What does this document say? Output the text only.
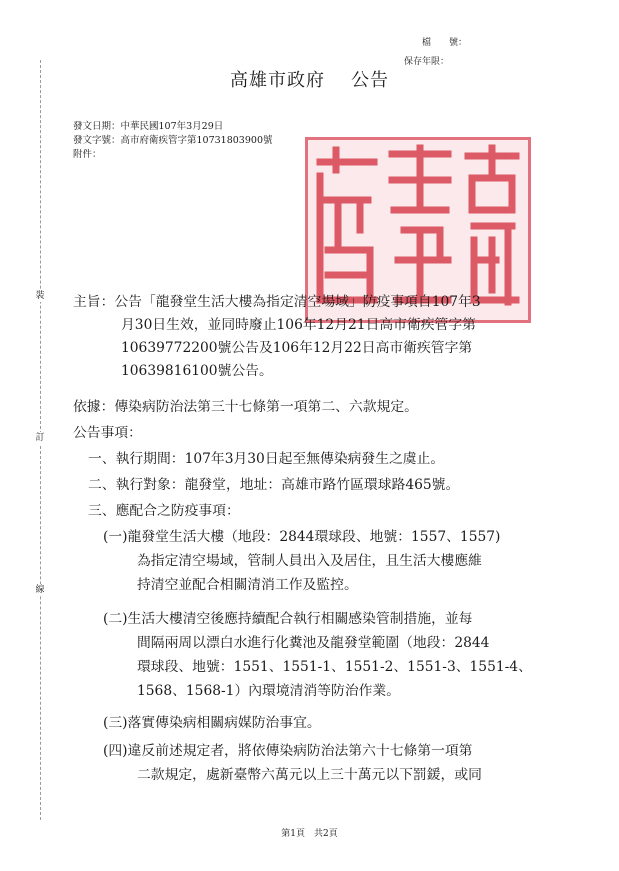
裝
訂
線
檔　　號：
保存年限：
高雄市政府 公告
發文日期：中華民國107年3月29日
發文字號：高市府衛疾管字第10731803900號
附件：
主旨：公告「龍發堂生活大樓為指定清空場域」防疫事項自107年3
月30日生效，並同時廢止106年12月21日高市衛疾管字第
10639772200號公告及106年12月22日高市衛疾管字第
10639816100號公告。
依據：傳染病防治法第三十七條第一項第二、六款規定。
公告事項：
一、執行期間：107年3月30日起至無傳染病發生之虞止。
二、執行對象：龍發堂，地址：高雄市路竹區環球路465號。
三、應配合之防疫事項：
(一)龍發堂生活大樓（地段：2844環球段、地號：1557、1557)
為指定清空場域，管制人員出入及居住，且生活大樓應維
持清空並配合相關清消工作及監控。
(二)生活大樓清空後應持續配合執行相關感染管制措施，並每
間隔兩周以漂白水進行化糞池及龍發堂範圍（地段：2844
環球段、地號：1551、1551-1、1551-2、1551-3、1551-4、
1568、1568-1）內環境清消等防治作業。
(三)落實傳染病相關病媒防治事宜。
(四)違反前述規定者，將依傳染病防治法第六十七條第一項第
二款規定，處新臺幣六萬元以上三十萬元以下罰鍰，或同
第1頁　共2頁
